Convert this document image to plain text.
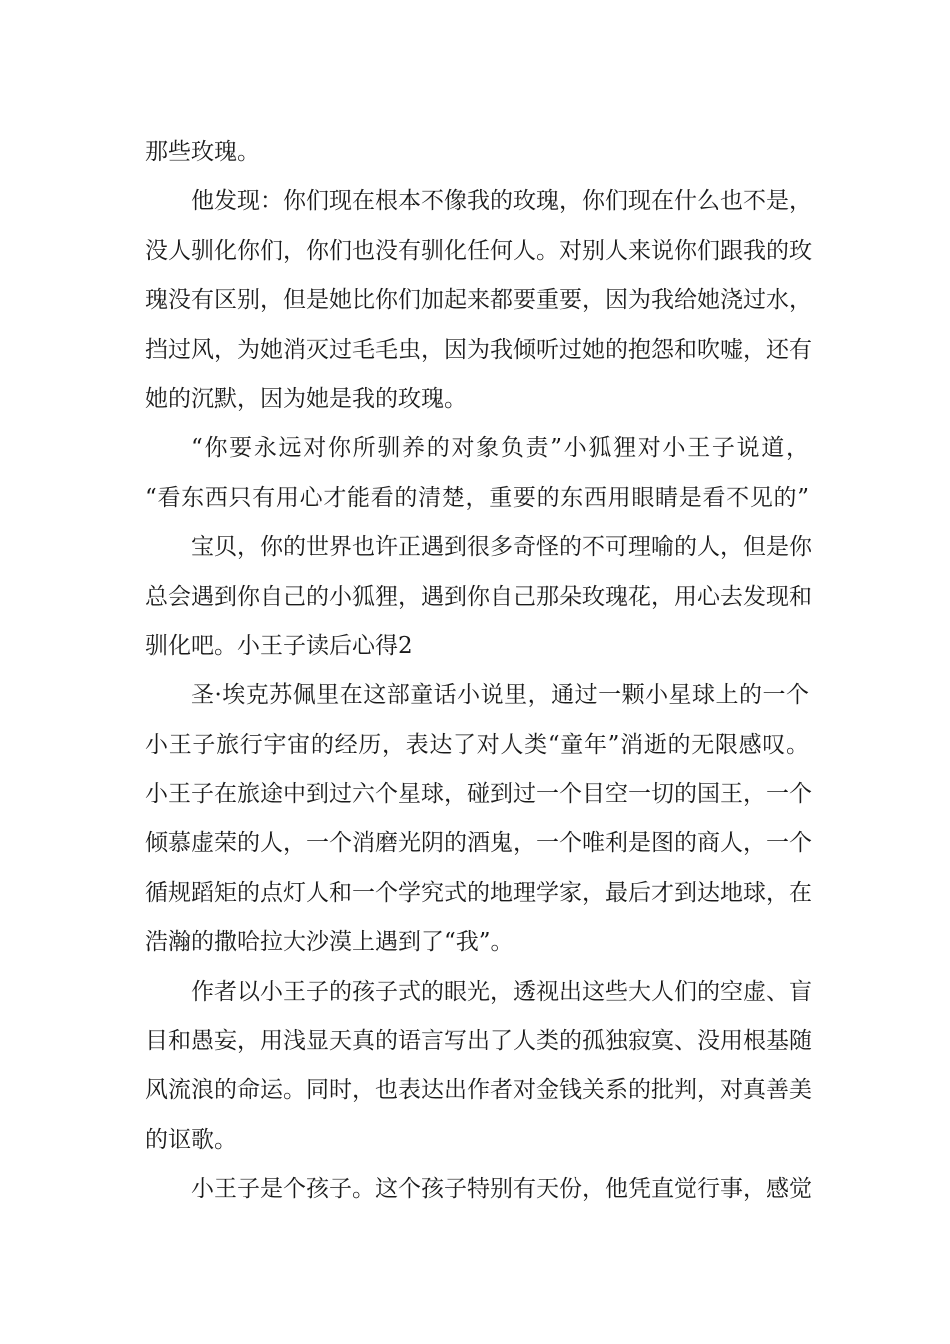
那些玫瑰。
他发现：你们现在根本不像我的玫瑰，你们现在什么也不是，
没人驯化你们，你们也没有驯化任何人。对别人来说你们跟我的玫
瑰没有区别，但是她比你们加起来都要重要，因为我给她浇过水，
挡过风，为她消灭过毛毛虫，因为我倾听过她的抱怨和吹嘘，还有
她的沉默，因为她是我的玫瑰。
“你要永远对你所驯养的对象负责”小狐狸对小王子说道，
“看东西只有用心才能看的清楚，重要的东西用眼睛是看不见的”
宝贝，你的世界也许正遇到很多奇怪的不可理喻的人，但是你
总会遇到你自己的小狐狸，遇到你自己那朵玫瑰花，用心去发现和
驯化吧。小王子读后心得2
圣·埃克苏佩里在这部童话小说里，通过一颗小星球上的一个
小王子旅行宇宙的经历，表达了对人类“童年”消逝的无限感叹。
小王子在旅途中到过六个星球，碰到过一个目空一切的国王，一个
倾慕虚荣的人，一个消磨光阴的酒鬼，一个唯利是图的商人，一个
循规蹈矩的点灯人和一个学究式的地理学家，最后才到达地球，在
浩瀚的撒哈拉大沙漠上遇到了“我”。
作者以小王子的孩子式的眼光，透视出这些大人们的空虚、盲
目和愚妄，用浅显天真的语言写出了人类的孤独寂寞、没用根基随
风流浪的命运。同时，也表达出作者对金钱关系的批判，对真善美
的讴歌。
小王子是个孩子。这个孩子特别有天份，他凭直觉行事，感觉
